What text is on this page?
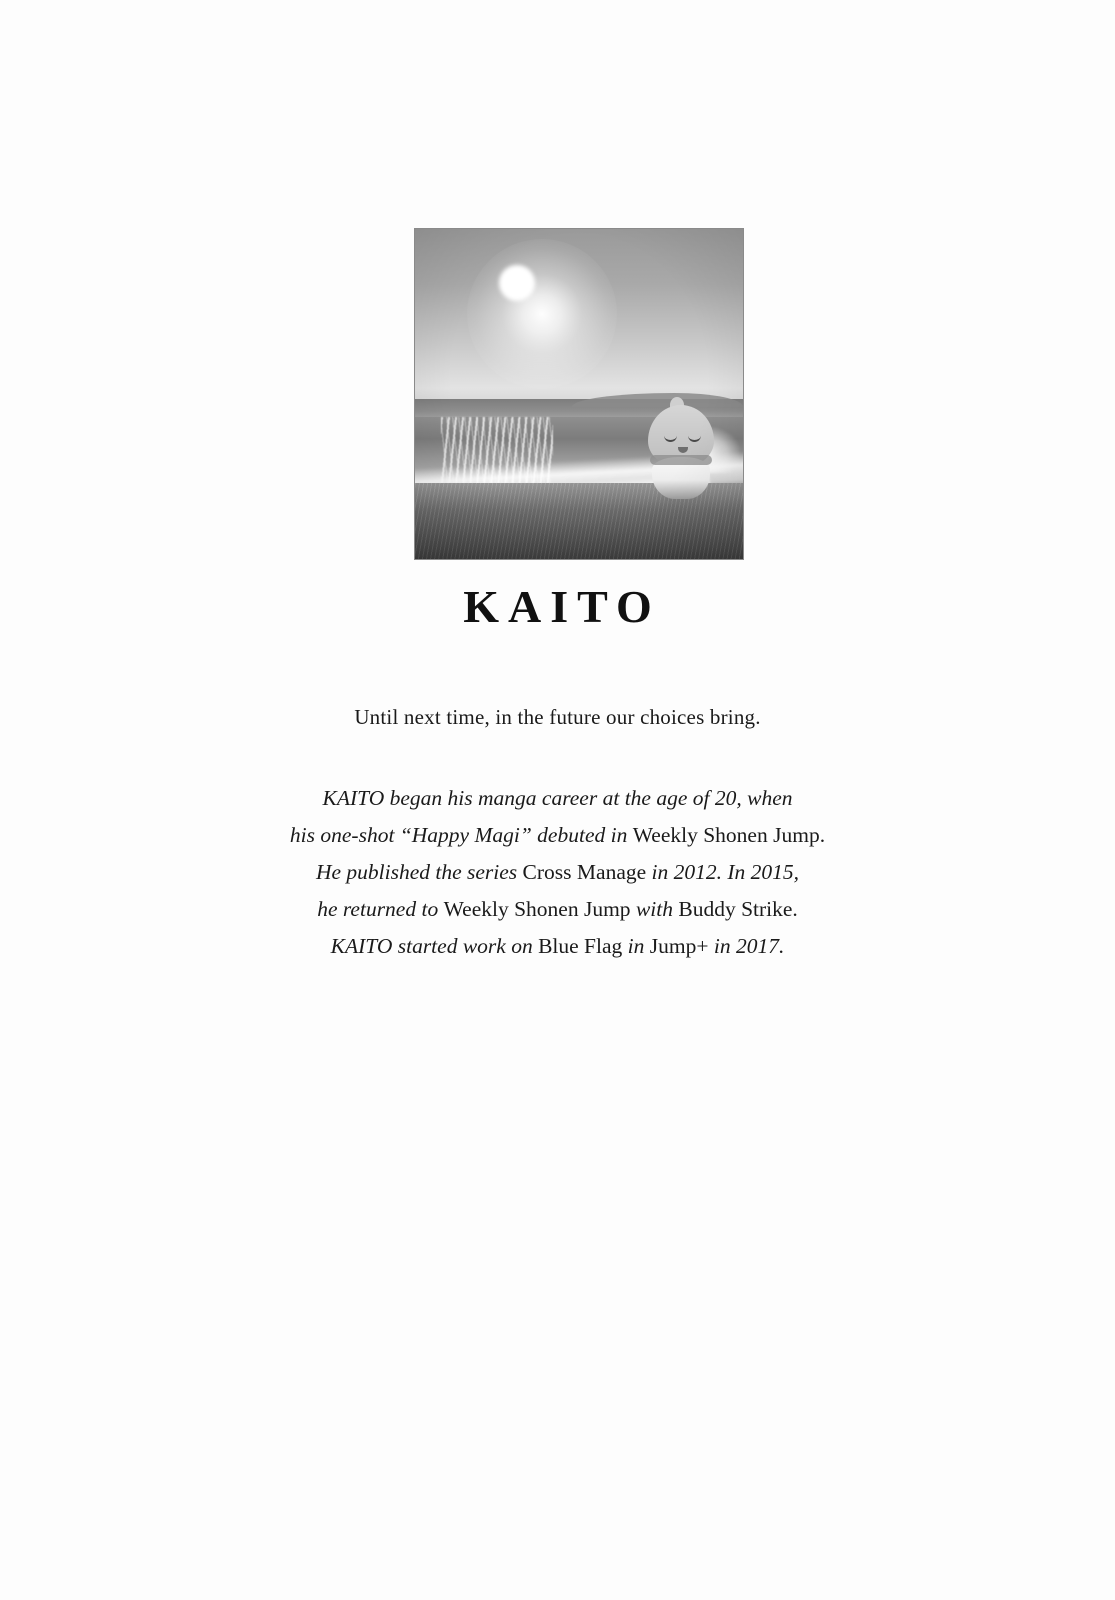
KAITO
Until next time, in the future our choices bring.
KAITO began his manga career at the age of 20, when
his one-shot “Happy Magi” debuted in Weekly Shonen Jump.
He published the series Cross Manage in 2012. In 2015,
he returned to Weekly Shonen Jump with Buddy Strike.
KAITO started work on Blue Flag in Jump+ in 2017.
